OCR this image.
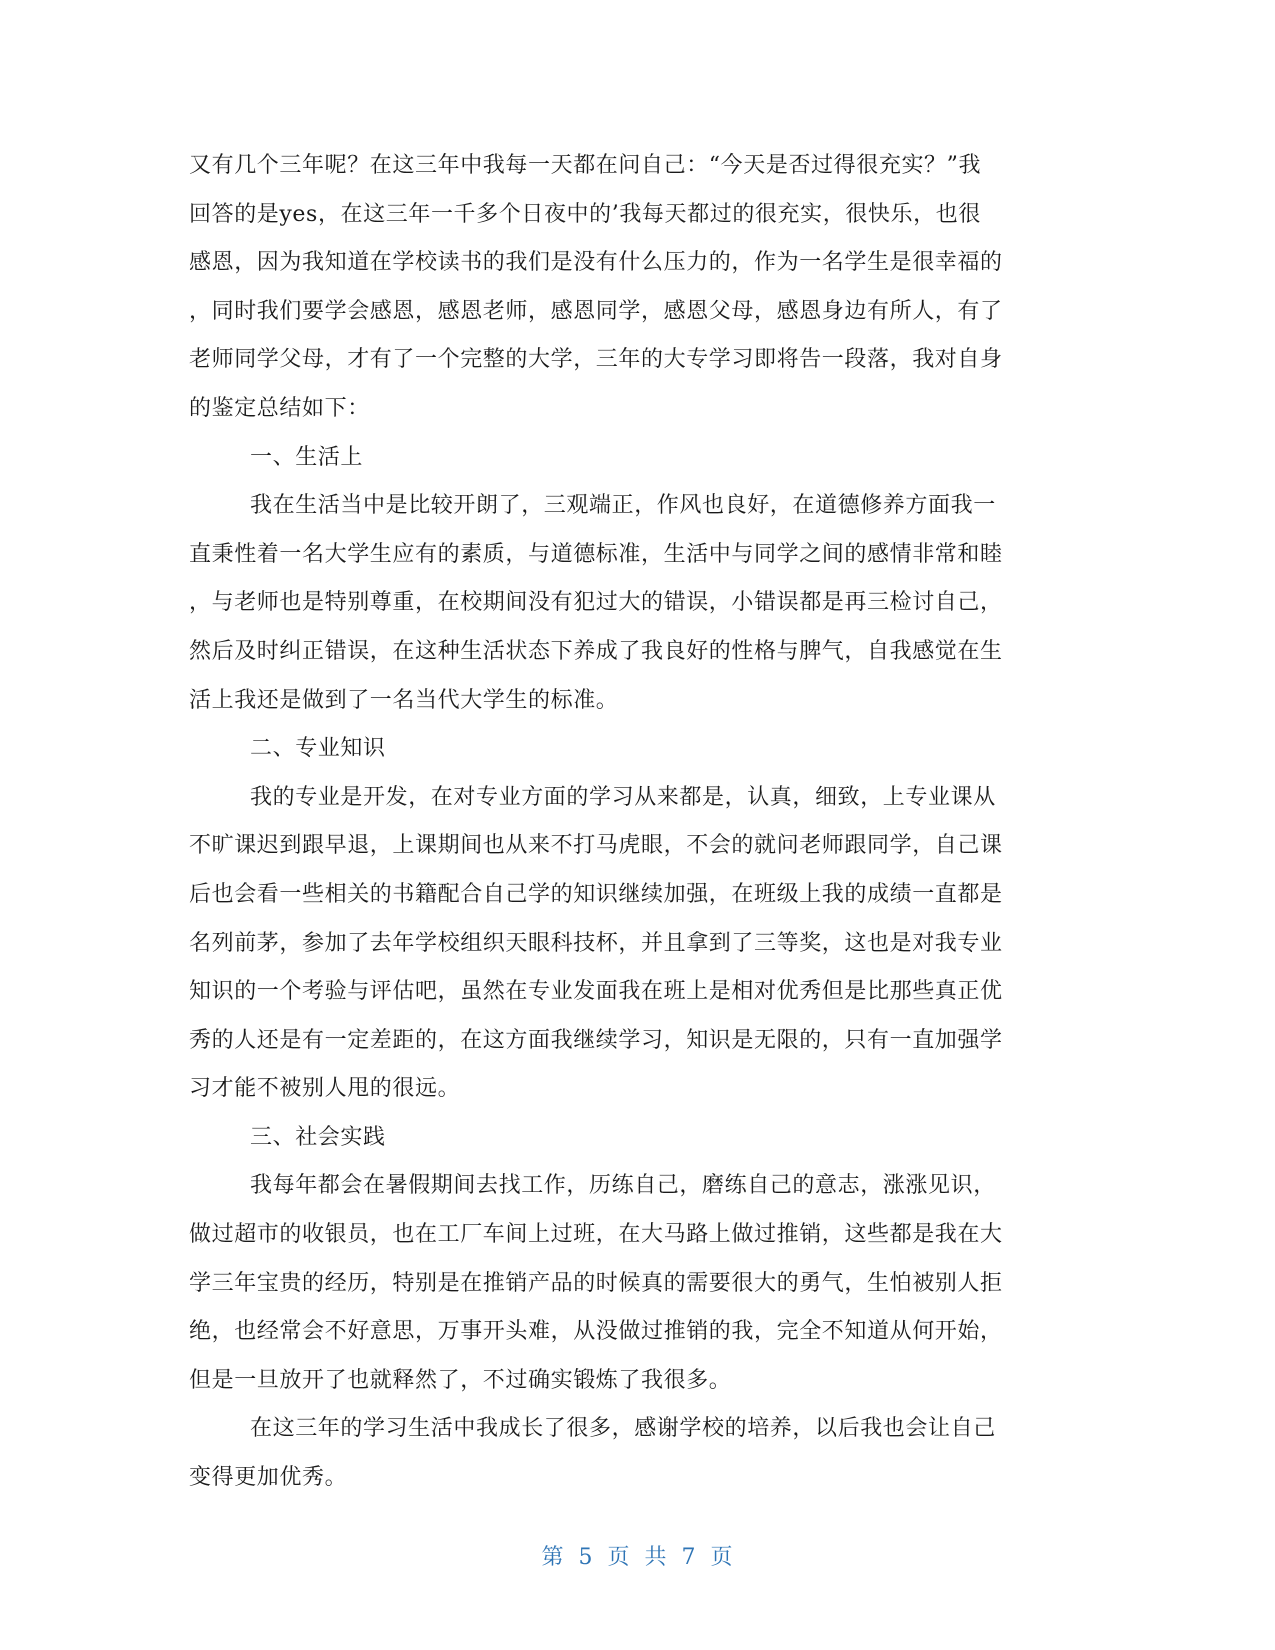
又有几个三年呢？在这三年中我每一天都在问自己：“今天是否过得很充实？”我
回答的是yes，在这三年一千多个日夜中的’我每天都过的很充实，很快乐，也很
感恩，因为我知道在学校读书的我们是没有什么压力的，作为一名学生是很幸福的
，同时我们要学会感恩，感恩老师，感恩同学，感恩父母，感恩身边有所人，有了
老师同学父母，才有了一个完整的大学，三年的大专学习即将告一段落，我对自身
的鉴定总结如下：
一、生活上
我在生活当中是比较开朗了，三观端正，作风也良好，在道德修养方面我一
直秉性着一名大学生应有的素质，与道德标准，生活中与同学之间的感情非常和睦
，与老师也是特别尊重，在校期间没有犯过大的错误，小错误都是再三检讨自己，
然后及时纠正错误，在这种生活状态下养成了我良好的性格与脾气，自我感觉在生
活上我还是做到了一名当代大学生的标准。
二、专业知识
我的专业是开发，在对专业方面的学习从来都是，认真，细致，上专业课从
不旷课迟到跟早退，上课期间也从来不打马虎眼，不会的就问老师跟同学，自己课
后也会看一些相关的书籍配合自己学的知识继续加强，在班级上我的成绩一直都是
名列前茅，参加了去年学校组织天眼科技杯，并且拿到了三等奖，这也是对我专业
知识的一个考验与评估吧，虽然在专业发面我在班上是相对优秀但是比那些真正优
秀的人还是有一定差距的，在这方面我继续学习，知识是无限的，只有一直加强学
习才能不被别人甩的很远。
三、社会实践
我每年都会在暑假期间去找工作，历练自己，磨练自己的意志，涨涨见识，
做过超市的收银员，也在工厂车间上过班，在大马路上做过推销，这些都是我在大
学三年宝贵的经历，特别是在推销产品的时候真的需要很大的勇气，生怕被别人拒
绝，也经常会不好意思，万事开头难，从没做过推销的我，完全不知道从何开始，
但是一旦放开了也就释然了，不过确实锻炼了我很多。
在这三年的学习生活中我成长了很多，感谢学校的培养，以后我也会让自己
变得更加优秀。
第 5 页 共 7 页
